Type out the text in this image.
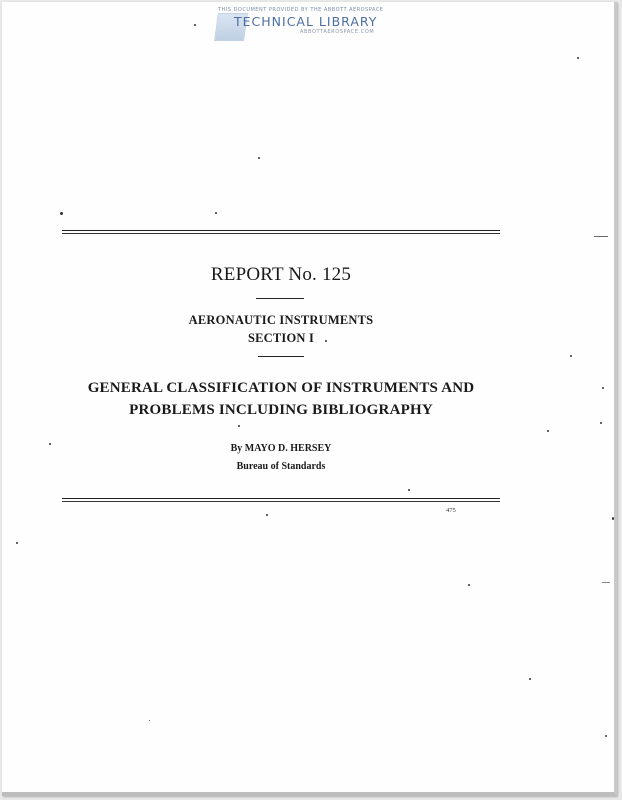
THIS DOCUMENT PROVIDED BY THE ABBOTT AEROSPACE
TECHNICAL LIBRARY
ABBOTTAEROSPACE.COM
REPORT No. 125
AERONAUTIC INSTRUMENTS
SECTION I
GENERAL CLASSIFICATION OF INSTRUMENTS AND
PROBLEMS INCLUDING BIBLIOGRAPHY
By MAYO D. HERSEY
Bureau of Standards
475
